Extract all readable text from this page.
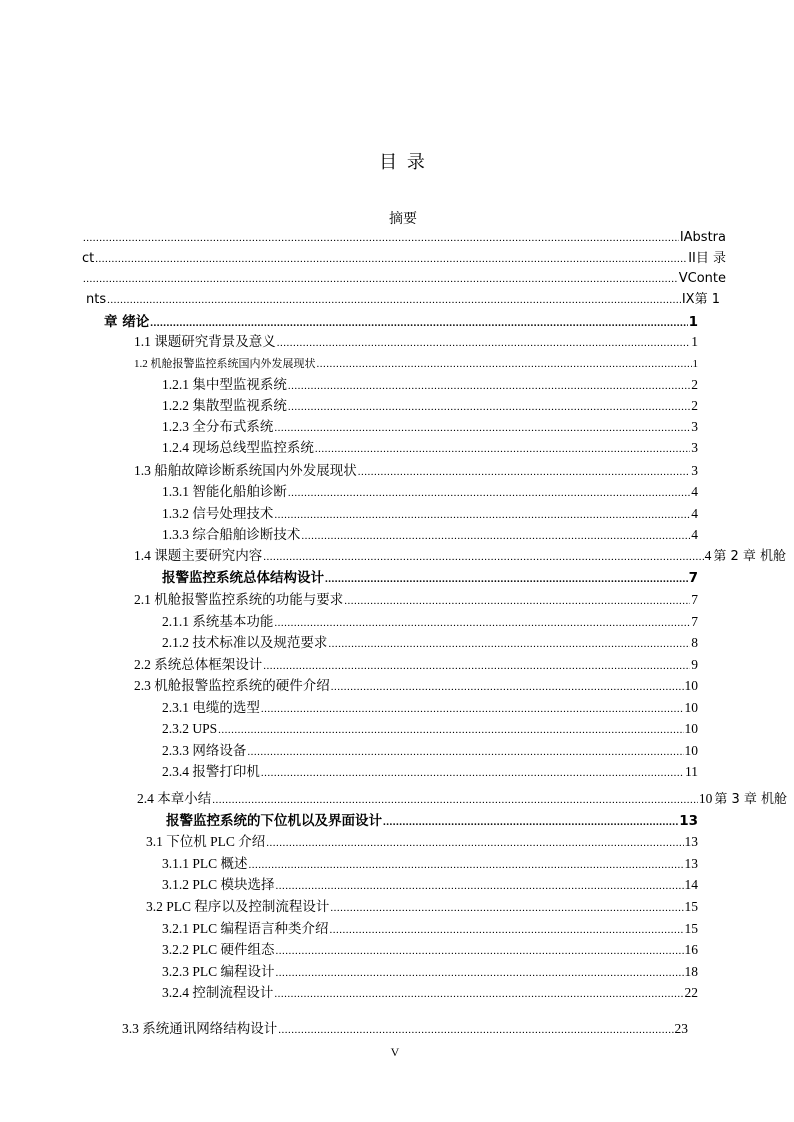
目 录
摘要
.....
IAbstra
ct .....	II目 录
.....
VConte
nts .....	IX第 1
章 绪论 .....	1
1.1 课题研究背景及意义 .....	1
1.2 机舱报警监控系统国内外发展现状 .....	1
1.2.1 集中型监视系统 .....	2
1.2.2 集散型监视系统 .....	2
1.2.3 全分布式系统 .....	3
1.2.4 现场总线型监控系统 .....	3
1.3 船舶故障诊断系统国内外发展现状 .....	3
1.3.1 智能化船舶诊断 .....	4
1.3.2 信号处理技术 .....	4
1.3.3 综合船舶诊断技术 .....	4
1.4 课题主要研究内容 .....	4 第 2 章 机舱
报警监控系统总体结构设计 .....	7
2.1 机舱报警监控系统的功能与要求 .....	7
2.1.1 系统基本功能 .....	7
2.1.2 技术标准以及规范要求 .....	8
2.2 系统总体框架设计 .....	9
2.3 机舱报警监控系统的硬件介绍 .....	10
2.3.1 电缆的选型 .....	10
2.3.2 UPS .....	10
2.3.3 网络设备 .....	10
2.3.4 报警打印机 .....	11
2.4 本章小结 .....	10 第 3 章 机舱
报警监控系统的下位机以及界面设计 .....	13
3.1 下位机 PLC 介绍 .....	13
3.1.1 PLC 概述 .....	13
3.1.2 PLC 模块选择 .....	14
3.2 PLC 程序以及控制流程设计 .....	15
3.2.1 PLC 编程语言种类介绍 .....	15
3.2.2 PLC 硬件组态 .....	16
3.2.3 PLC 编程设计 .....	18
3.2.4 控制流程设计 .....	22
3.3 系统通讯网络结构设计 .....	23
V
